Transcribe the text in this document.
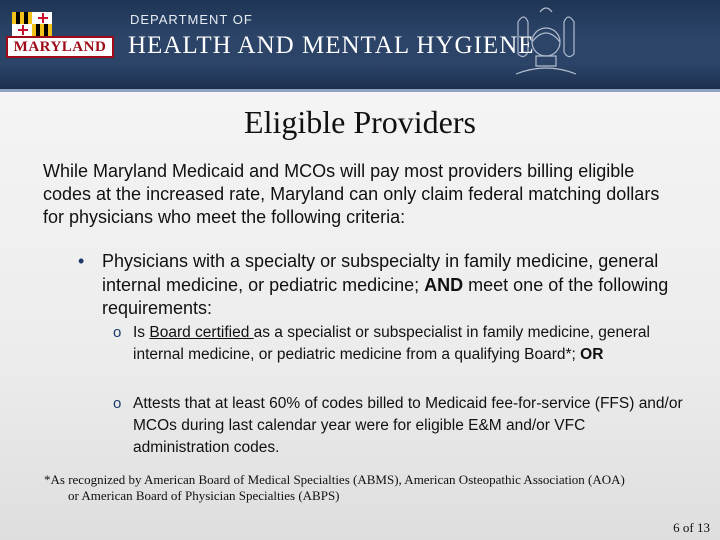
MARYLAND
DEPARTMENT OF
HEALTH AND MENTAL HYGIENE
Eligible Providers
While Maryland Medicaid and MCOs will pay most providers billing eligible codes at the increased rate, Maryland can only claim federal matching dollars for physicians who meet the following criteria:
• Physicians with a specialty or subspecialty in family medicine, general internal medicine, or pediatric medicine; AND meet one of the following requirements:
o Is Board certified as a specialist or subspecialist in family medicine, general internal medicine, or pediatric medicine from a qualifying Board*; OR
o Attests that at least 60% of codes billed to Medicaid fee-for-service (FFS) and/or MCOs during last calendar year were for eligible E&M and/or VFC administration codes.
*As recognized by American Board of Medical Specialties (ABMS), American Osteopathic Association (AOA)
or American Board of Physician Specialties (ABPS)
6 of 13
